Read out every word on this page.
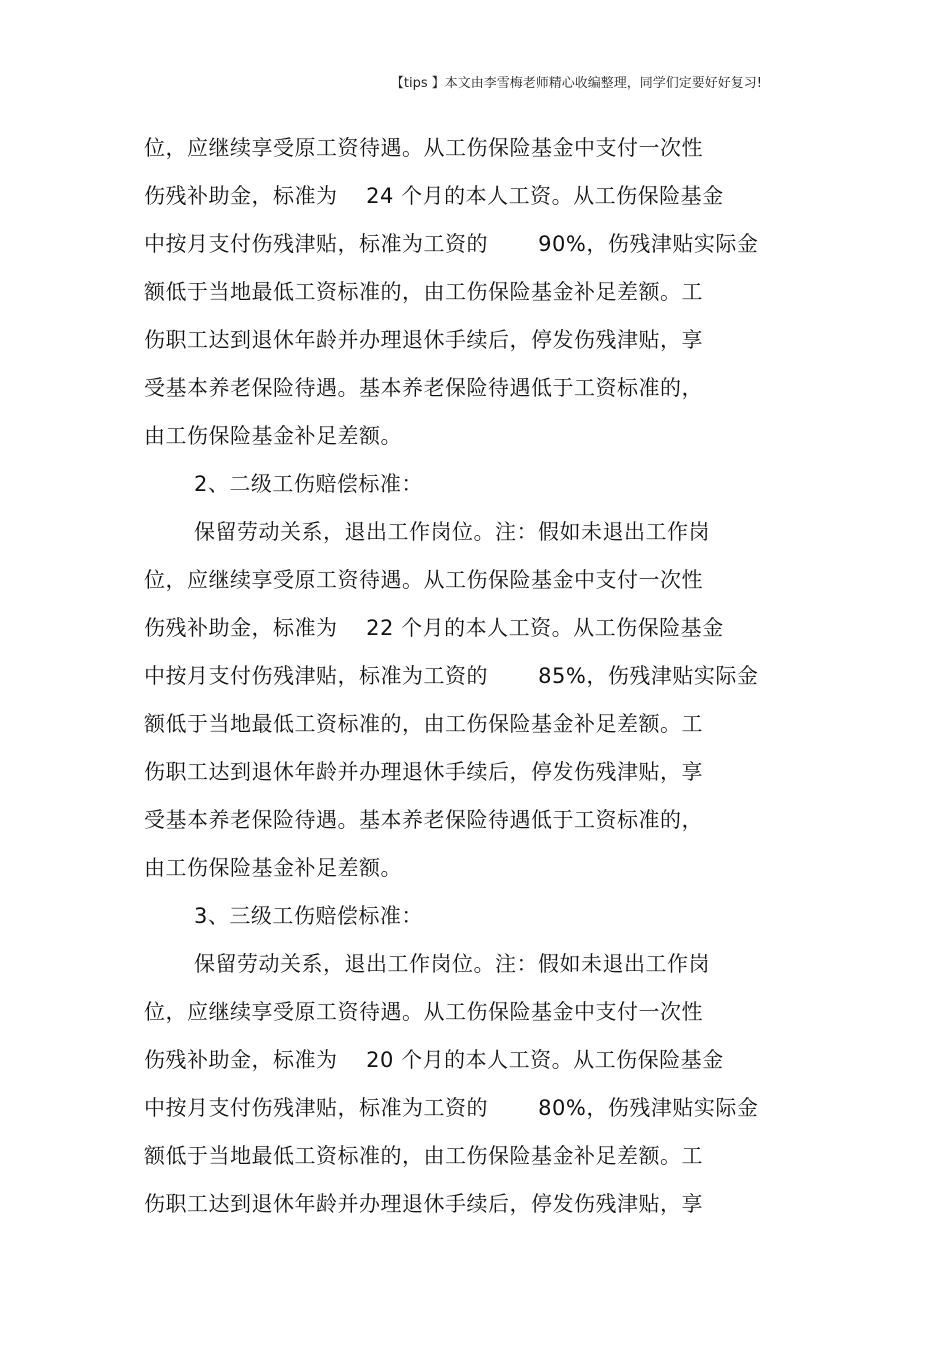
【tips 】本文由李雪梅老师精心收编整理，同学们定要好好复习!
位，应继续享受原工资待遇。从工伤保险基金中支付一次性
伤残补助金，标准为　 24 个月的本人工资。从工伤保险基金
中按月支付伤残津贴，标准为工资的　　 90%，伤残津贴实际金
额低于当地最低工资标准的，由工伤保险基金补足差额。工
伤职工达到退休年龄并办理退休手续后，停发伤残津贴，享
受基本养老保险待遇。基本养老保险待遇低于工资标准的，
由工伤保险基金补足差额。
2、二级工伤赔偿标准：
保留劳动关系，退出工作岗位。注：假如未退出工作岗
位，应继续享受原工资待遇。从工伤保险基金中支付一次性
伤残补助金，标准为　 22 个月的本人工资。从工伤保险基金
中按月支付伤残津贴，标准为工资的　　 85%，伤残津贴实际金
额低于当地最低工资标准的，由工伤保险基金补足差额。工
伤职工达到退休年龄并办理退休手续后，停发伤残津贴，享
受基本养老保险待遇。基本养老保险待遇低于工资标准的，
由工伤保险基金补足差额。
3、三级工伤赔偿标准：
保留劳动关系，退出工作岗位。注：假如未退出工作岗
位，应继续享受原工资待遇。从工伤保险基金中支付一次性
伤残补助金，标准为　 20 个月的本人工资。从工伤保险基金
中按月支付伤残津贴，标准为工资的　　 80%，伤残津贴实际金
额低于当地最低工资标准的，由工伤保险基金补足差额。工
伤职工达到退休年龄并办理退休手续后，停发伤残津贴，享
